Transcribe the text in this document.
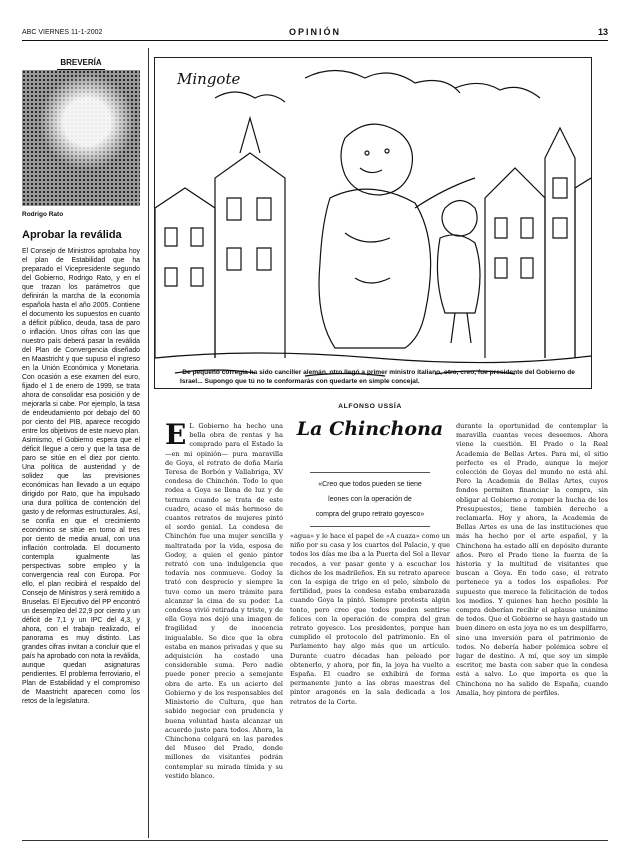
ABC VIERNES 11-1-2002	OPINIÓN	13
BREVERÍA
Rodrigo Rato
Aprobar la reválida

El Consejo de Ministros aprobaba hoy el plan de Estabilidad que ha preparado el Vicepresidente segundo del Gobierno, Rodrigo Rato, y en el que trazan los parámetros que definirán la marcha de la economía española hasta el año 2005. Contiene el documento los supuestos en cuanto a déficit público, deuda, tasa de paro o inflación. Unos cifras con las que nuestro país deberá pasar la reválida del Plan de Convergencia diseñado en Maastricht y que supuso el ingreso en la Unión Económica y Monetaria. Con ocasión a ese examen del euro, fijado el 1 de enero de 1999, se trata ahora de consolidar esa posición y de mejorarla si cabe. Por ejemplo, la tasa de endeudamiento por debajo del 60 por ciento del PIB, aparece recogido entre los objetivos de este nuevo plan. Asimismo, el Gobierno espera que el déficit llegue a cero y que la tasa de paro se sitúe en el diez por ciento. Una política de austeridad y de solidez que las previsiones económicas han llevado a un equipo dirigido por Rato, que ha impulsado una dura política de contención del gasto y de reformas estructurales. Así, se confía en que el crecimiento económico se sitúe en torno al tres por ciento de media anual, con una inflación controlada. El documento contempla igualmente las perspectivas sobre empleo y la convergencia real con Europa. Por ello, el plan recibirá el respaldo del Consejo de Ministros y será remitido a Bruselas. El Ejecutivo del PP encontró un desempleo del 22,9 por ciento y un déficit de 7,1 y un IPC del 4,3, y ahora, con el trabajo realizado, el panorama es muy distinto. Las grandes cifras invitan a concluir que el país ha aprobado con nota la reválida, aunque quedan asignaturas pendientes. El problema ferroviario, el Plan de Estabilidad y el compromiso de Maastricht aparecen como los retos de la legislatura.

Mingote
-De pequeño corregía ha sido canciller alemán, otro llegó a primer ministro italiano, otro, creo, fue presidente del Gobierno de Israel... Supongo que tú no te conformarás con quedarte en simple concejal.
ALFONSO USSÍA
La Chinchona
«Creo que todos pueden se tiene
leones con la operación de
compra del grupo retrato goyesco»

E L Gobierno ha hecho una bella obra de rentas y ha comprado para el Estado la —en mi opinión— pura maravilla de Goya, el retrato de doña María Teresa de Borbón y Vallabriga, XV condesa de Chinchón. Todo lo que rodea a Goya se llena de luz y de ternura cuando se trata de este cuadro, acaso el más hermoso de cuantos retratos de mujeres pintó el sordo genial. La condesa de Chinchón fue una mujer sencilla y maltratada por la vida, esposa de Godoy, a quien el genio pintor retrató con una indulgencia que todavía nos conmueve. Godoy la trató con desprecio y siempre la tuvo como un mero trámite para alcanzar la cima de su poder. La condesa vivió retirada y triste, y de ella Goya nos dejó una imagen de fragilidad y de inocencia inigualable. Se dice que la obra estaba en manos privadas y que su adquisición ha costado una considerable suma. Pero nadie puede poner precio a semejante obra de arte. Es un acierto del Gobierno y de los responsables del Ministerio de Cultura, que han sabido negociar con prudencia y buena voluntad hasta alcanzar un acuerdo justo para todos. Ahora, la Chinchona colgará en las paredes del Museo del Prado, donde millones de visitantes podrán contemplar su mirada tímida y su vestido blanco.

«agua» y le hace el papel de «A cuaza» como un niño por su casa y los cuartos del Palacio, y que todos los días me iba a la Puerta del Sol a llevar recados, a ver pasar gente y a escuchar los dichos de los madrileños. En su retrato aparece con la espiga de trigo en el pelo, símbolo de fertilidad, pues la condesa estaba embarazada cuando Goya la pintó. Siempre protesta algún tonto, pero creo que todos pueden sentirse felices con la operación de compra del gran retrato goyesco. Los presidentes, porque han cumplido el protocolo del patrimonio. En el Parlamento hay algo más que un artículo. Durante cuatro décadas han peleado por obtenerlo, y ahora, por fin, la joya ha vuelto a España. El cuadro se exhibirá de forma permanente junto a las obras maestras del pintor aragonés en la sala dedicada a los retratos de la Corte.

durante la oportunidad de contemplar la maravilla cuantas veces deseemos. Ahora viene la cuestión. El Prado o la Real Academia de Bellas Artes. Para mí, el sitio perfecto es el Prado, aunque la mejor colección de Goyas del mundo no está ahí. Pero la Academia de Bellas Artes, cuyos fondos permiten financiar la compra, sin obligar al Gobierno a romper la hucha de los Presupuestos, tiene también derecho a reclamarla. Hoy y ahora, la Academia de Bellas Artes es una de las instituciones que más ha hecho por el arte español, y la Chinchona ha estado allí en depósito durante años. Pero el Prado tiene la fuerza de la historia y la multitud de visitantes que buscan a Goya. En todo caso, el retrato pertenece ya a todos los españoles. Por supuesto que merece la felicitación de todos los medios. Y quienes han hecho posible la compra deberían recibir el aplauso unánime de todos. Que el Gobierno se haya gastado un buen dinero en esta joya no es un despilfarro, sino una inversión para el patrimonio de todos. No debería haber polémica sobre el lugar de destino. A mí, que soy un simple escritor, me basta con saber que la condesa está a salvo. Lo que importa es que la Chinchona no ha salido de España, cuando Amalia, hoy pintora de perfiles.
